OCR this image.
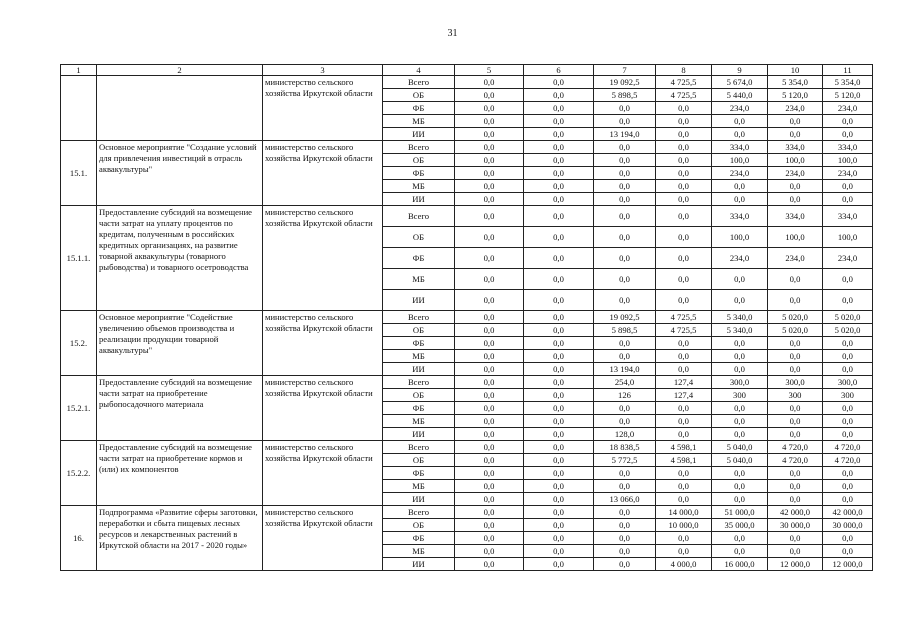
31
1	2	3	4	5	6	7	8	9	10	11
		министерство сельского хозяйства Иркутской области	Всего	0,0	0,0	19 092,5	4 725,5	5 674,0	5 354,0	5 354,0
			ОБ	0,0	0,0	5 898,5	4 725,5	5 440,0	5 120,0	5 120,0
			ФБ	0,0	0,0	0,0	0,0	234,0	234,0	234,0
			МБ	0,0	0,0	0,0	0,0	0,0	0,0	0,0
			ИИ	0,0	0,0	13 194,0	0,0	0,0	0,0	0,0
15.1.	Основное мероприятие "Создание условий для привлечения инвестиций в отрасль аквакультуры"	министерство сельского хозяйства Иркутской области	Всего	0,0	0,0	0,0	0,0	334,0	334,0	334,0
			ОБ	0,0	0,0	0,0	0,0	100,0	100,0	100,0
			ФБ	0,0	0,0	0,0	0,0	234,0	234,0	234,0
			МБ	0,0	0,0	0,0	0,0	0,0	0,0	0,0
			ИИ	0,0	0,0	0,0	0,0	0,0	0,0	0,0
15.1.1.	Предоставление субсидий на возмещение части затрат на уплату процентов по кредитам, полученным в российских кредитных организациях, на развитие товарной аквакультуры (товарного рыбоводства) и товарного осетроводства	министерство сельского хозяйства Иркутской области	Всего	0,0	0,0	0,0	0,0	334,0	334,0	334,0
			ОБ	0,0	0,0	0,0	0,0	100,0	100,0	100,0
			ФБ	0,0	0,0	0,0	0,0	234,0	234,0	234,0
			МБ	0,0	0,0	0,0	0,0	0,0	0,0	0,0
			ИИ	0,0	0,0	0,0	0,0	0,0	0,0	0,0
15.2.	Основное мероприятие "Содействие увеличению объемов производства и реализации продукции товарной аквакультуры"	министерство сельского хозяйства Иркутской области	Всего	0,0	0,0	19 092,5	4 725,5	5 340,0	5 020,0	5 020,0
			ОБ	0,0	0,0	5 898,5	4 725,5	5 340,0	5 020,0	5 020,0
			ФБ	0,0	0,0	0,0	0,0	0,0	0,0	0,0
			МБ	0,0	0,0	0,0	0,0	0,0	0,0	0,0
			ИИ	0,0	0,0	13 194,0	0,0	0,0	0,0	0,0
15.2.1.	Предоставление субсидий на возмещение части затрат на приобретение рыбопосадочного материала	министерство сельского хозяйства Иркутской области	Всего	0,0	0,0	254,0	127,4	300,0	300,0	300,0
			ОБ	0,0	0,0	126	127,4	300	300	300
			ФБ	0,0	0,0	0,0	0,0	0,0	0,0	0,0
			МБ	0,0	0,0	0,0	0,0	0,0	0,0	0,0
			ИИ	0,0	0,0	128,0	0,0	0,0	0,0	0,0
15.2.2.	Предоставление субсидий на возмещение части затрат на приобретение кормов и (или) их компонентов	министерство сельского хозяйства Иркутской области	Всего	0,0	0,0	18 838,5	4 598,1	5 040,0	4 720,0	4 720,0
			ОБ	0,0	0,0	5 772,5	4 598,1	5 040,0	4 720,0	4 720,0
			ФБ	0,0	0,0	0,0	0,0	0,0	0,0	0,0
			МБ	0,0	0,0	0,0	0,0	0,0	0,0	0,0
			ИИ	0,0	0,0	13 066,0	0,0	0,0	0,0	0,0
16.	Подпрограмма «Развитие сферы заготовки, переработки и сбыта пищевых лесных ресурсов и лекарственных растений в Иркутской области на 2017 - 2020 годы»	министерство сельского хозяйства Иркутской области	Всего	0,0	0,0	0,0	14 000,0	51 000,0	42 000,0	42 000,0
			ОБ	0,0	0,0	0,0	10 000,0	35 000,0	30 000,0	30 000,0
			ФБ	0,0	0,0	0,0	0,0	0,0	0,0	0,0
			МБ	0,0	0,0	0,0	0,0	0,0	0,0	0,0
			ИИ	0,0	0,0	0,0	4 000,0	16 000,0	12 000,0	12 000,0
